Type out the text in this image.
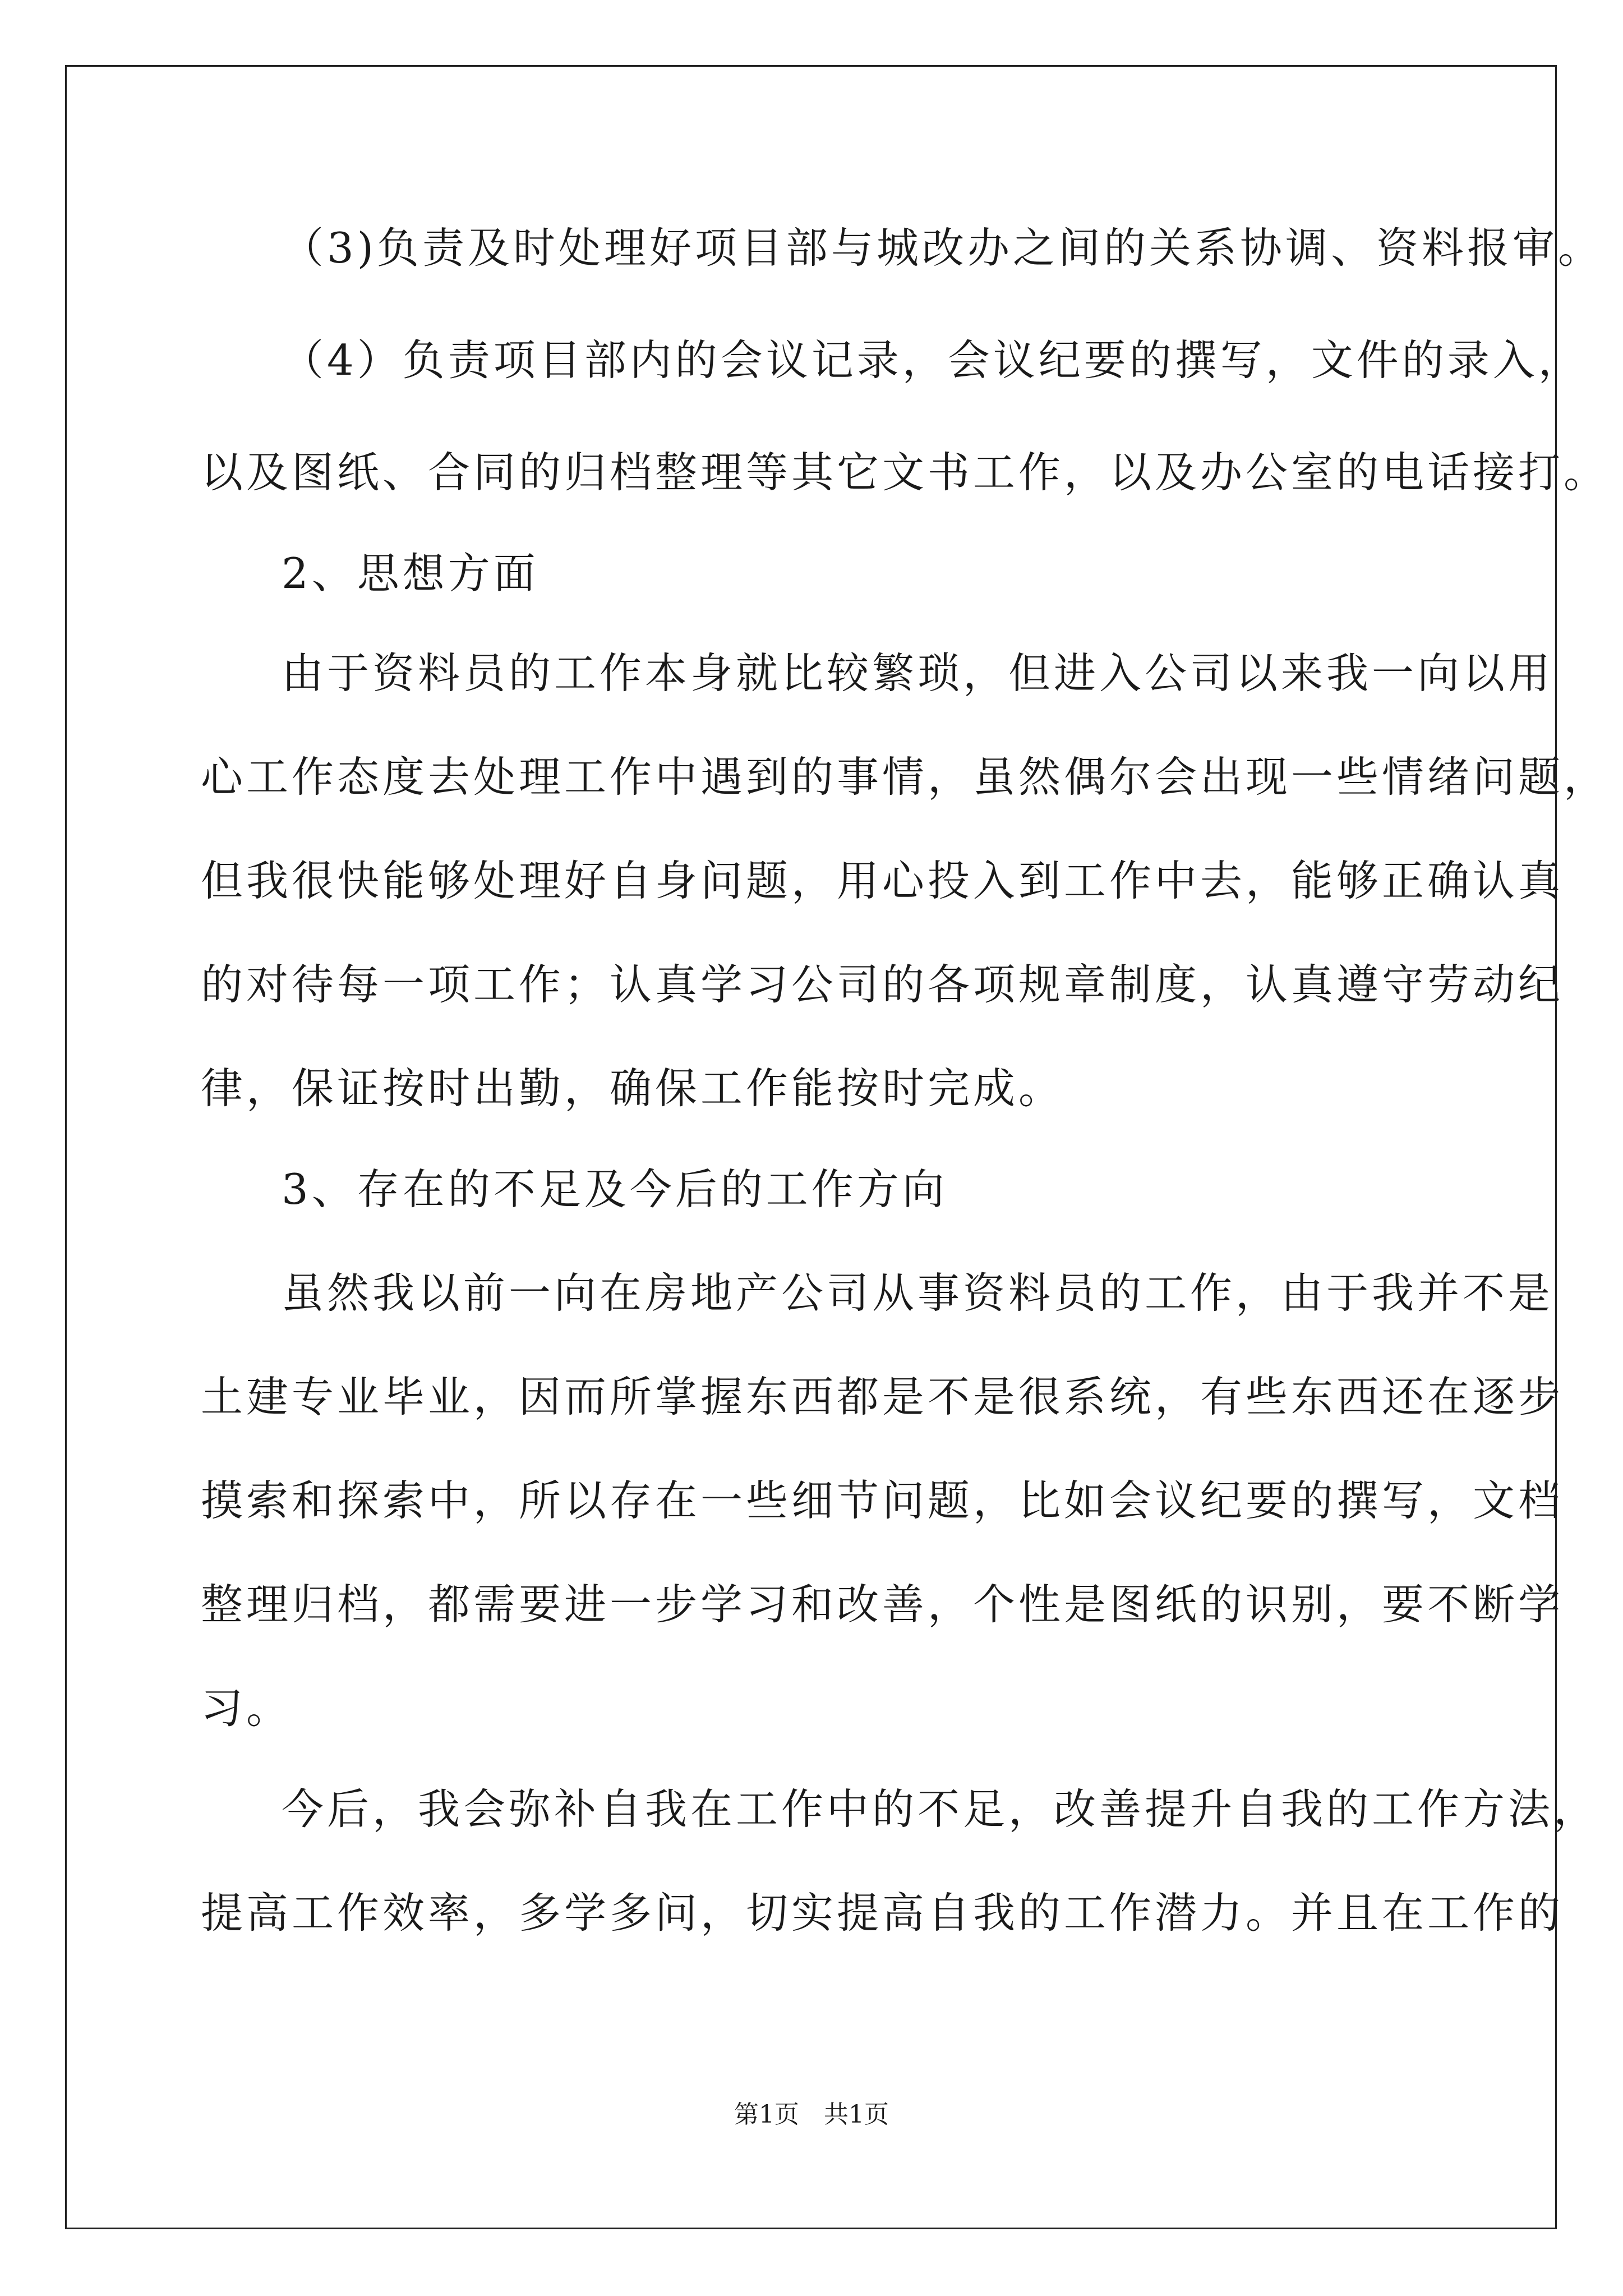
（3)负责及时处理好项目部与城改办之间的关系协调、资料报审。
（4）负责项目部内的会议记录，会议纪要的撰写，文件的录入，
以及图纸、合同的归档整理等其它文书工作，以及办公室的电话接打。
2、思想方面
由于资料员的工作本身就比较繁琐，但进入公司以来我一向以用
心工作态度去处理工作中遇到的事情，虽然偶尔会出现一些情绪问题，
但我很快能够处理好自身问题，用心投入到工作中去，能够正确认真
的对待每一项工作；认真学习公司的各项规章制度，认真遵守劳动纪
律，保证按时出勤，确保工作能按时完成。
3、存在的不足及今后的工作方向
虽然我以前一向在房地产公司从事资料员的工作，由于我并不是
土建专业毕业，因而所掌握东西都是不是很系统，有些东西还在逐步
摸索和探索中，所以存在一些细节问题，比如会议纪要的撰写，文档
整理归档，都需要进一步学习和改善，个性是图纸的识别，要不断学
习。
今后，我会弥补自我在工作中的不足，改善提升自我的工作方法，
提高工作效率，多学多问，切实提高自我的工作潜力。并且在工作的
第1页　共1页
